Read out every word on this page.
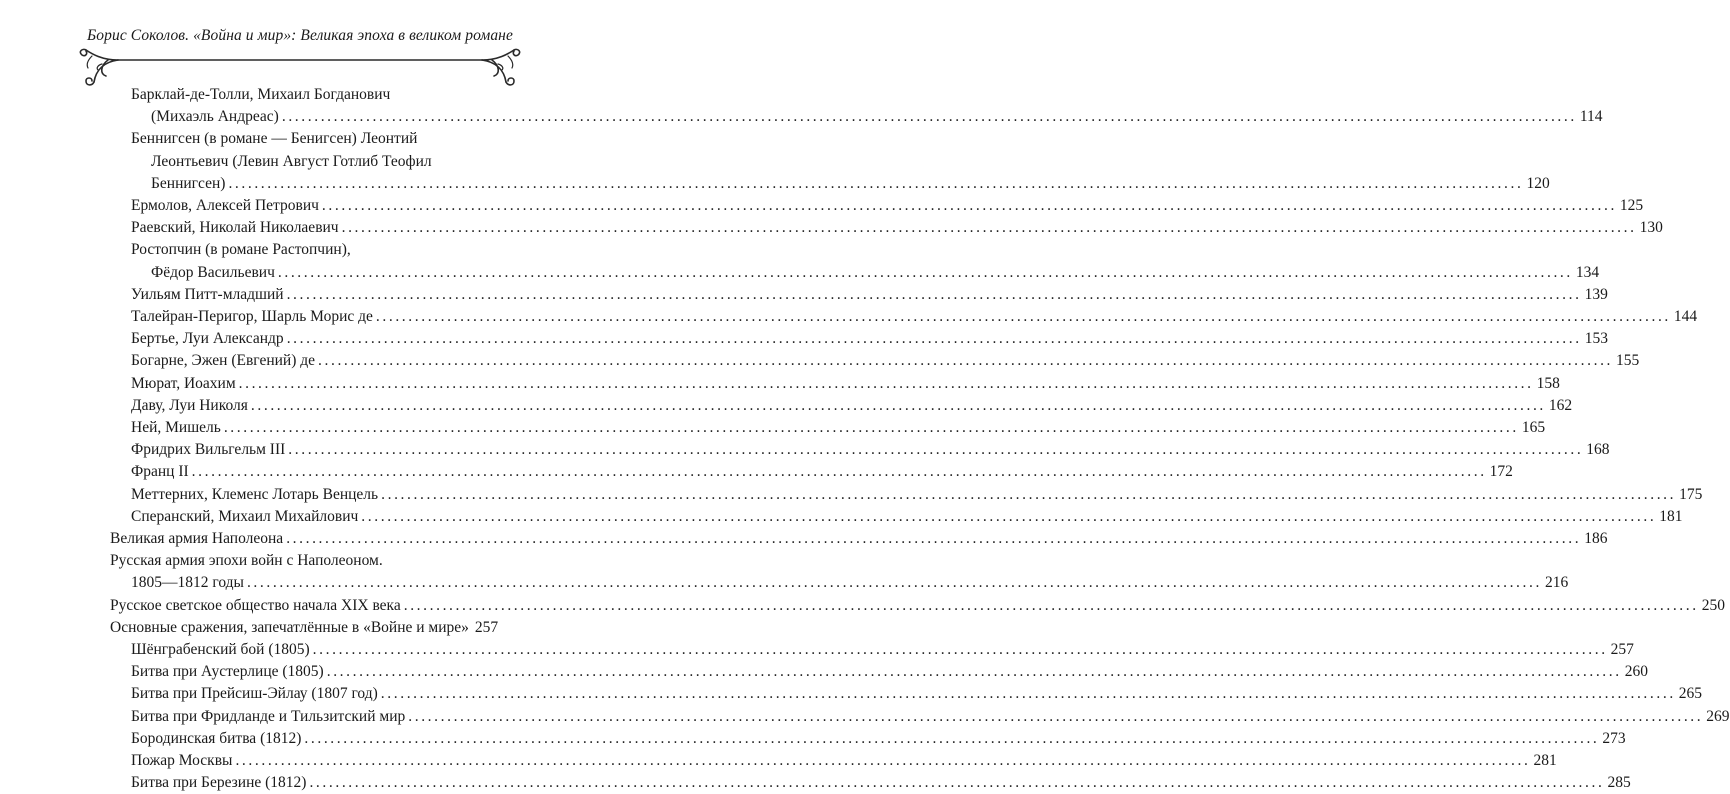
Борис Соколов. «Война и мир»: Великая эпоха в великом романе
Барклай-де-Толли, Михаил Богданович
(Михаэль Андреас) ........................................................................................................................................................................................................ 114
Беннигсен (в романе — Бенигсен) Леонтий
Леонтьевич (Левин Август Готлиб Теофил
Беннигсен) ........................................................................................................................................................................................................ 120
Ермолов, Алексей Петрович ........................................................................................................................................................................................................ 125
Раевский, Николай Николаевич ........................................................................................................................................................................................................ 130
Ростопчин (в романе Растопчин),
Фёдор Васильевич ........................................................................................................................................................................................................ 134
Уильям Питт-младший ........................................................................................................................................................................................................ 139
Талейран-Перигор, Шарль Морис де ........................................................................................................................................................................................................ 144
Бертье, Луи Александр ........................................................................................................................................................................................................ 153
Богарне, Эжен (Евгений) де ........................................................................................................................................................................................................ 155
Мюрат, Иоахим ........................................................................................................................................................................................................ 158
Даву, Луи Николя ........................................................................................................................................................................................................ 162
Ней, Мишель ........................................................................................................................................................................................................ 165
Фридрих Вильгельм III ........................................................................................................................................................................................................ 168
Франц II ........................................................................................................................................................................................................ 172
Меттерних, Клеменс Лотарь Венцель ........................................................................................................................................................................................................ 175
Сперанский, Михаил Михайлович ........................................................................................................................................................................................................ 181
Великая армия Наполеона ........................................................................................................................................................................................................ 186
Русская армия эпохи войн с Наполеоном.
1805—1812 годы ........................................................................................................................................................................................................ 216
Русское светское общество начала XIX века ........................................................................................................................................................................................................ 250
Основные сражения, запечатлённые в «Войне и мире» 257
Шёнграбенский бой (1805) ........................................................................................................................................................................................................ 257
Битва при Аустерлице (1805) ........................................................................................................................................................................................................ 260
Битва при Прейсиш-Эйлау (1807 год) ........................................................................................................................................................................................................ 265
Битва при Фридланде и Тильзитский мир ........................................................................................................................................................................................................ 269
Бородинская битва (1812) ........................................................................................................................................................................................................ 273
Пожар Москвы ........................................................................................................................................................................................................ 281
Битва при Березине (1812) ........................................................................................................................................................................................................ 285
